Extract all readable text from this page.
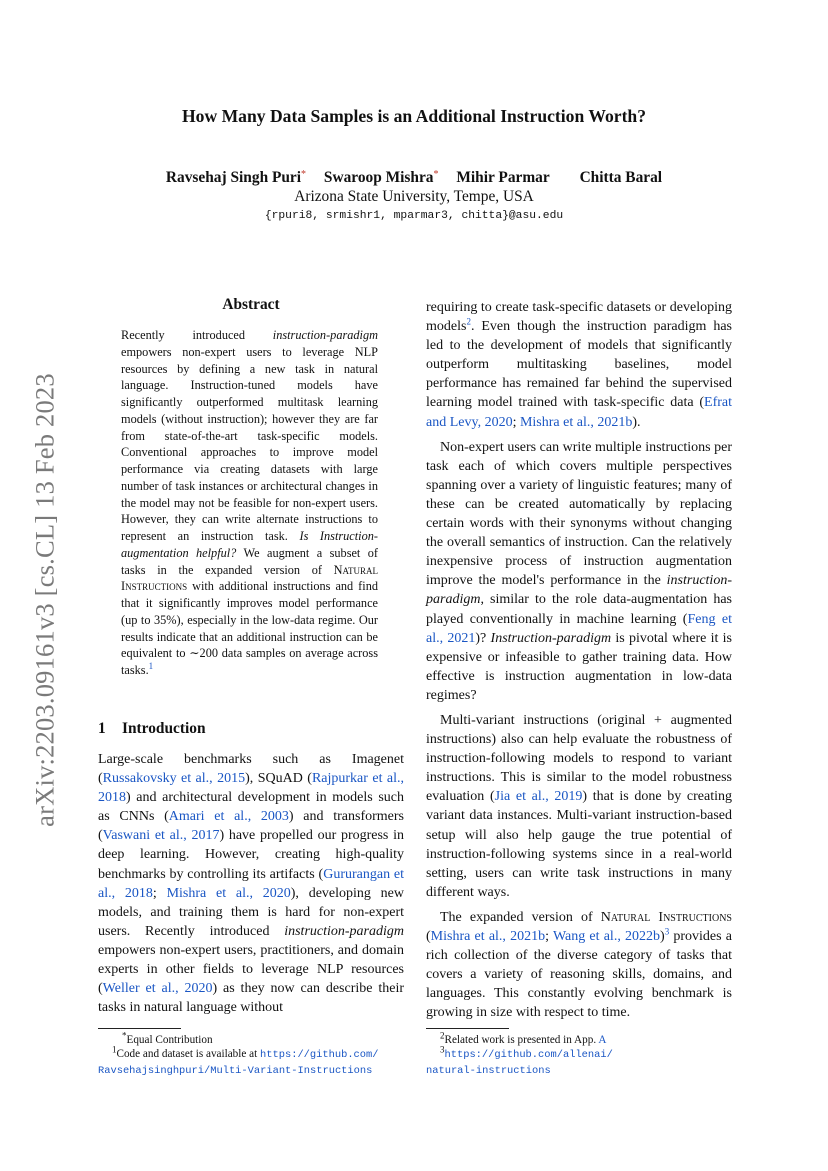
arXiv:2203.09161v3 [cs.CL] 13 Feb 2023
How Many Data Samples is an Additional Instruction Worth?
Ravsehaj Singh Puri* Swaroop Mishra* Mihir Parmar Chitta Baral
Arizona State University, Tempe, USA
{rpuri8, srmishr1, mparmar3, chitta}@asu.edu
Abstract
Recently introduced instruction-paradigm empowers non-expert users to leverage NLP resources by defining a new task in natural language. Instruction-tuned models have significantly outperformed multitask learning models (without instruction); however they are far from state-of-the-art task-specific models. Conventional approaches to improve model performance via creating datasets with large number of task instances or architectural changes in the model may not be feasible for non-expert users. However, they can write alternate instructions to represent an instruction task. Is Instruction-augmentation helpful? We augment a subset of tasks in the expanded version of Natural Instructions with additional instructions and find that it significantly improves model performance (up to 35%), especially in the low-data regime. Our results indicate that an additional instruction can be equivalent to ∼200 data samples on average across tasks.$^1$
1 Introduction

Large-scale benchmarks such as Imagenet (Russakovsky et al., 2015), SQuAD (Rajpurkar et al., 2018) and architectural development in models such as CNNs (Amari et al., 2003) and transformers (Vaswani et al., 2017) have propelled our progress in deep learning. However, creating high-quality benchmarks by controlling its artifacts (Gururangan et al., 2018; Mishra et al., 2020), developing new models, and training them is hard for non-expert users. Recently introduced instruction-paradigm empowers non-expert users, practitioners, and domain experts in other fields to leverage NLP resources (Weller et al., 2020) as they now can describe their tasks in natural language without

requiring to create task-specific datasets or developing models$^2$. Even though the instruction paradigm has led to the development of models that significantly outperform multitasking baselines, model performance has remained far behind the supervised learning model trained with task-specific data (Efrat and Levy, 2020; Mishra et al., 2021b).

Non-expert users can write multiple instructions per task each of which covers multiple perspectives spanning over a variety of linguistic features; many of these can be created automatically by replacing certain words with their synonyms without changing the overall semantics of instruction. Can the relatively inexpensive process of instruction augmentation improve the model's performance in the instruction-paradigm, similar to the role data-augmentation has played conventionally in machine learning (Feng et al., 2021)? Instruction-paradigm is pivotal where it is expensive or infeasible to gather training data. How effective is instruction augmentation in low-data regimes?

Multi-variant instructions (original + augmented instructions) also can help evaluate the robustness of instruction-following models to respond to variant instructions. This is similar to the model robustness evaluation (Jia et al., 2019) that is done by creating variant data instances. Multi-variant instruction-based setup will also help gauge the true potential of instruction-following systems since in a real-world setting, users can write task instructions in many different ways.

The expanded version of Natural Instructions (Mishra et al., 2021b; Wang et al., 2022b)$^3$ provides a rich collection of the diverse category of tasks that covers a variety of reasoning skills, domains, and languages. This constantly evolving benchmark is growing in size with respect to time.

*Equal Contribution
$^1$Code and dataset is available at https://github.com/
Ravsehajsinghpuri/Multi-Variant-Instructions
$^2$Related work is presented in App. A
$^3$https://github.com/allenai/
natural-instructions
